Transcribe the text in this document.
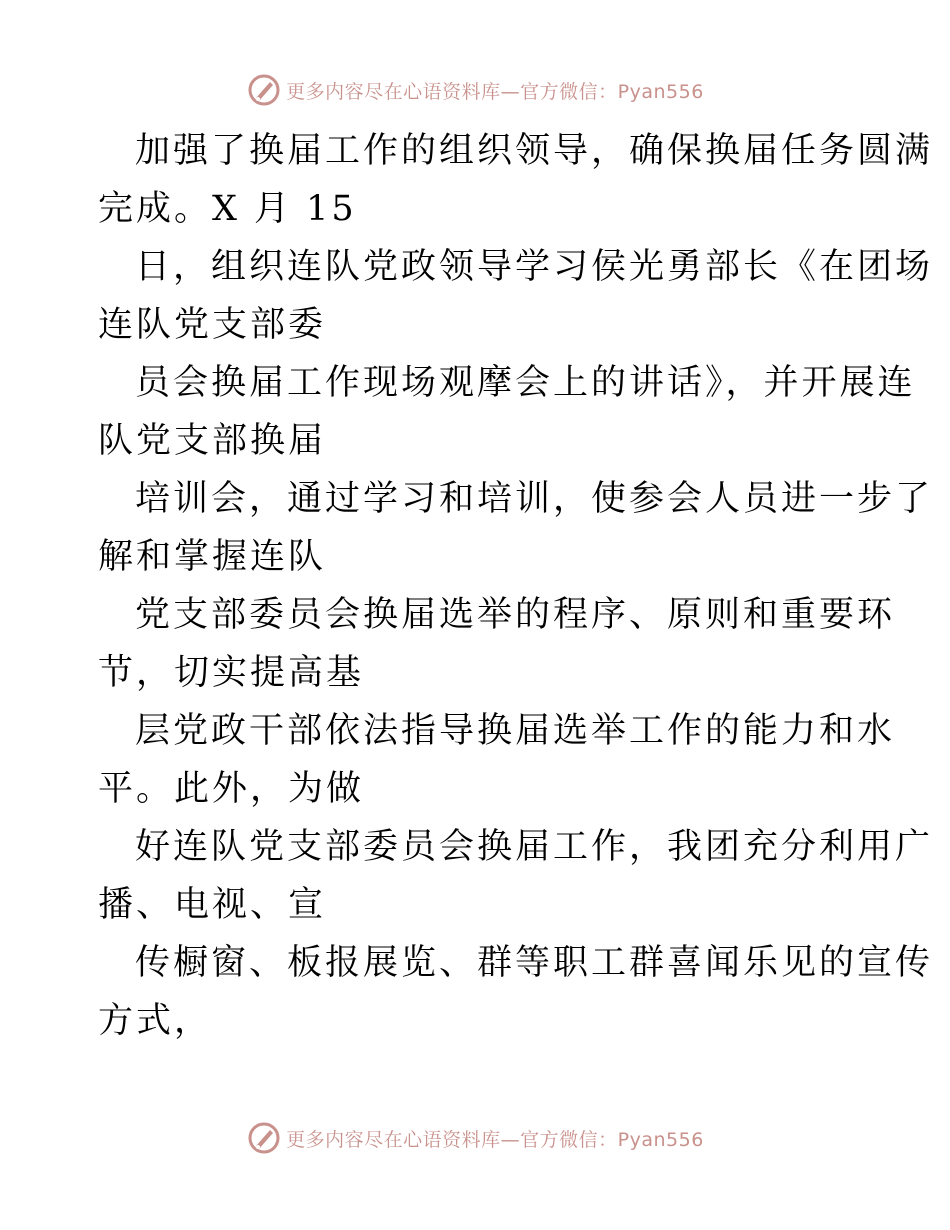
更多内容尽在心语资料库—官方微信：Pyan556
加强了换届工作的组织领导，确保换届任务圆满
完成。X 月 15
日，组织连队党政领导学习侯光勇部长《在团场
连队党支部委
员会换届工作现场观摩会上的讲话》，并开展连
队党支部换届
培训会，通过学习和培训，使参会人员进一步了
解和掌握连队
党支部委员会换届选举的程序、原则和重要环
节，切实提高基
层党政干部依法指导换届选举工作的能力和水
平。此外，为做
好连队党支部委员会换届工作，我团充分利用广
播、电视、宣
传橱窗、板报展览、群等职工群喜闻乐见的宣传
方式，
更多内容尽在心语资料库—官方微信：Pyan556
